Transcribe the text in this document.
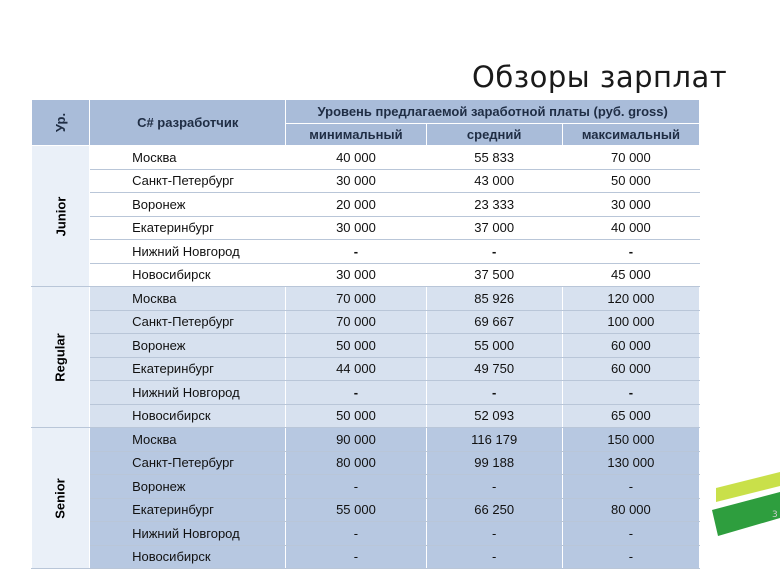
Обзоры зарплат
Ур.	C# разработчик	Уровень предлагаемой заработной платы (руб. gross)		
		минимальный	средний	максимальный
Junior	Москва	40 000	55 833	70 000
	Санкт-Петербург	30 000	43 000	50 000
	Воронеж	20 000	23 333	30 000
	Екатеринбург	30 000	37 000	40 000
	Нижний Новгород	-	-	-
	Новосибирск	30 000	37 500	45 000
Regular	Москва	70 000	85 926	120 000
	Санкт-Петербург	70 000	69 667	100 000
	Воронеж	50 000	55 000	60 000
	Екатеринбург	44 000	49 750	60 000
	Нижний Новгород	-	-	-
	Новосибирск	50 000	52 093	65 000
Senior	Москва	90 000	116 179	150 000
	Санкт-Петербург	80 000	99 188	130 000
	Воронеж	-	-	-
	Екатеринбург	55 000	66 250	80 000
	Нижний Новгород	-	-	-
	Новосибирск	-	-	-
3
